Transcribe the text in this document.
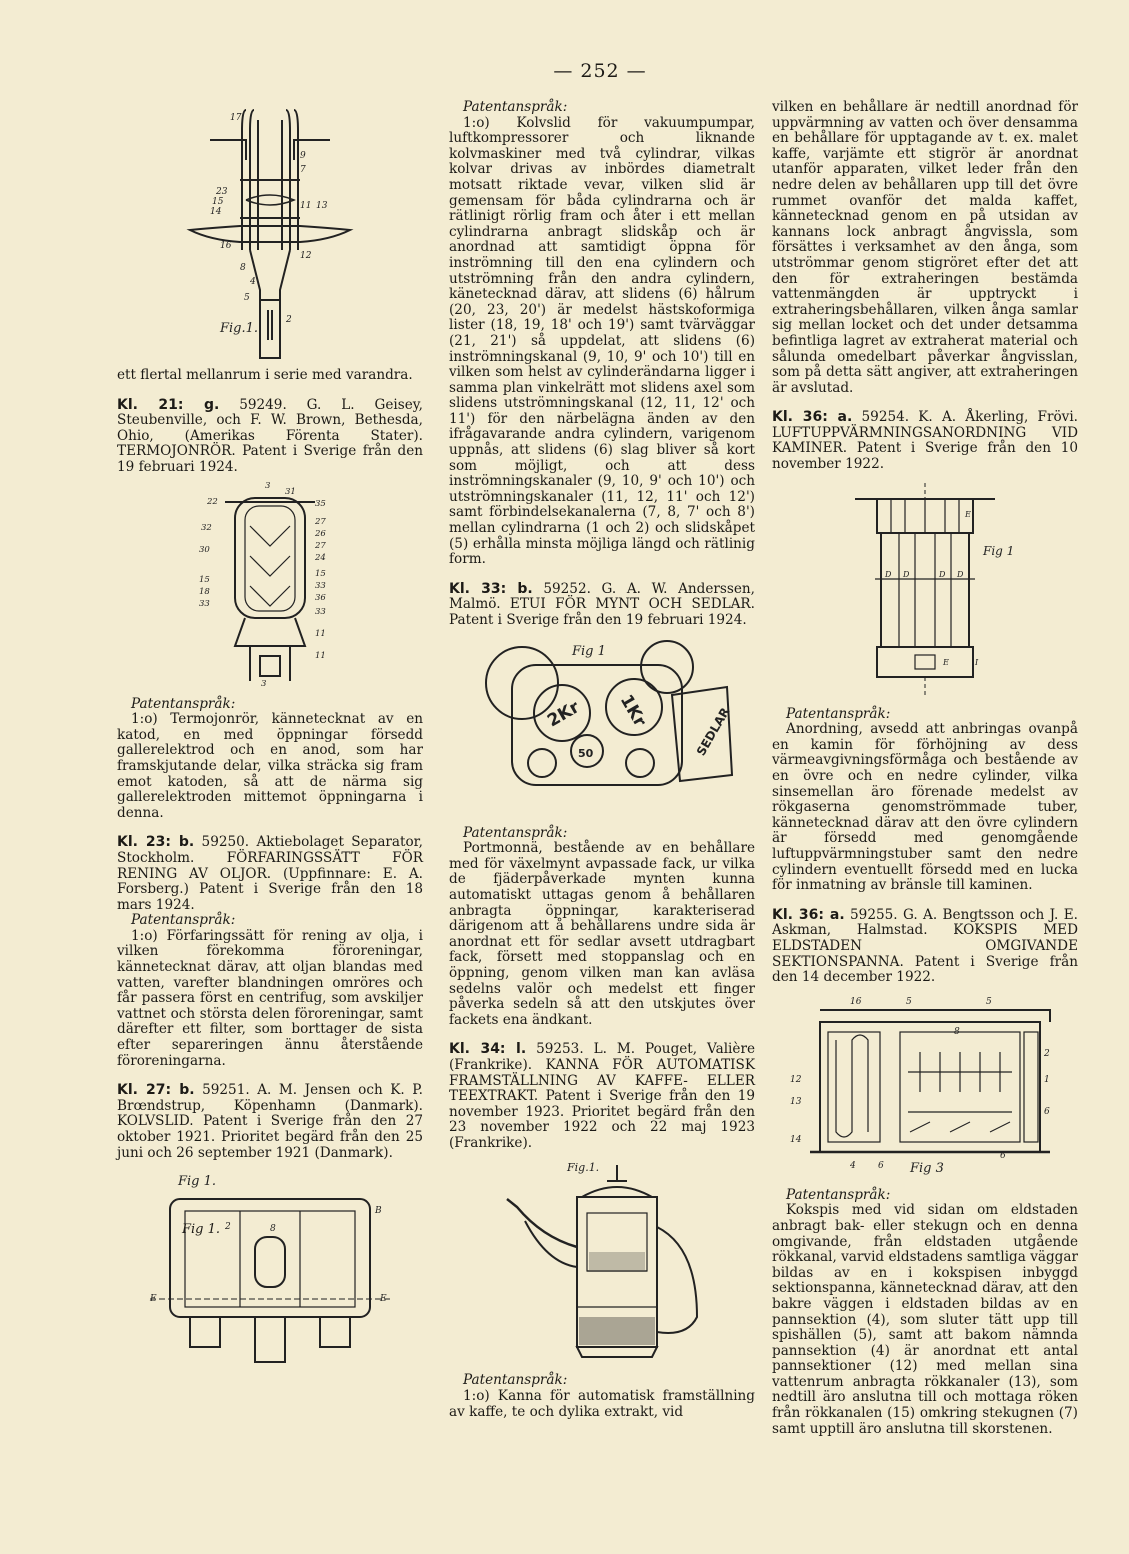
— 252 —
17
9
7
23
15
14
11 13
16
12
8
4
5
2
Fig.1.

ett flertal mellanrum i serie med varandra.

Kl. 21: g. 59249. G. L. Geisey, Steubenville, och F. W. Brown, Bethesda, Ohio, (Amerikas Förenta Stater). TERMOJONRÖR. Patent i Sverige från den 19 februari 1924.

3
31
35
22
32
30
27
26
27
24
15
33
36
33
15
18
33
11
11
3

Patentanspråk:

1:o) Termojonrör, kännetecknat av en katod, en med öppningar försedd gallerelektrod och en anod, som har framskjutande delar, vilka sträcka sig fram emot katoden, så att de närma sig gallerelektroden mittemot öppningarna i denna.

Kl. 23: b. 59250. Aktiebolaget Separator, Stockholm. FÖRFARINGSSÄTT FÖR RENING AV OLJOR. (Uppfinnare: E. A. Forsberg.) Patent i Sverige från den 18 mars 1924.

Patentanspråk:

1:o) Förfaringssätt för rening av olja, i vilken förekomma föroreningar, kännetecknat därav, att oljan blandas med vatten, varefter blandningen omröres och får passera först en centrifug, som avskiljer vattnet och största delen föroreningar, samt därefter ett filter, som borttager de sista efter separeringen ännu återstående föroreningarna.

Kl. 27: b. 59251. A. M. Jensen och K. P. Brœndstrup, Köpenhamn (Danmark). KOLVSLID. Patent i Sverige från den 27 oktober 1921. Prioritet begärd från den 25 juni och 26 september 1921 (Danmark).

Fig 1.
B
E	E
2	8

Patentanspråk:

1:o) Kolvslid för vakuumpumpar, luftkompressorer och liknande kolvmaskiner med två cylindrar, vilkas kolvar drivas av inbördes diametralt motsatt riktade vevar, vilken slid är gemensam för båda cylindrarna och är rätlinigt rörlig fram och åter i ett mellan cylindrarna anbragt slidskåp och är anordnad att samtidigt öppna för inströmning till den ena cylindern och utströmning från den andra cylindern, känetecknad därav, att slidens (6) hålrum (20, 23, 20') är medelst hästskoformiga lister (18, 19, 18' och 19') samt tvärväggar (21, 21') så uppdelat, att slidens (6) inströmningskanal (9, 10, 9' och 10') till en vilken som helst av cylinderändarna ligger i samma plan vinkelrätt mot slidens axel som slidens utströmningskanal (12, 11, 12' och 11') för den närbelägna änden av den ifrågavarande andra cylindern, varigenom uppnås, att slidens (6) slag bliver så kort som möjligt, och att dess inströmningskanaler (9, 10, 9' och 10') och utströmningskanaler (11, 12, 11' och 12') samt förbindelsekanalerna (7, 8, 7' och 8') mellan cylindrarna (1 och 2) och slidskåpet (5) erhålla minsta möjliga längd och rätlinig form.

Kl. 33: b. 59252. G. A. W. Anderssen, Malmö. ETUI FÖR MYNT OCH SEDLAR. Patent i Sverige från den 19 februari 1924.

2Kr 1Kr
50	SEDLAR
Fig 1

Patentanspråk:

Portmonnä, bestående av en behållare med för växelmynt avpassade fack, ur vilka de fjäderpåverkade mynten kunna automatiskt uttagas genom å behållaren anbragta öppningar, karakteriserad därigenom att å behållarens undre sida är anordnat ett för sedlar avsett utdragbart fack, försett med stoppanslag och en öppning, genom vilken man kan avläsa sedelns valör och medelst ett finger påverka sedeln så att den utskjutes över fackets ena ändkant.

Kl. 34: l. 59253. L. M. Pouget, Valière (Frankrike). KANNA FÖR AUTOMATISK FRAMSTÄLLNING AV KAFFE- ELLER TEEXTRAKT. Patent i Sverige från den 19 november 1923. Prioritet begärd från den 23 november 1922 och 22 maj 1923 (Frankrike).

Fig.1.

Patentanspråk:

1:o) Kanna för automatisk framställning av kaffe, te och dylika extrakt, vid

vilken en behållare är nedtill anordnad för uppvärmning av vatten och över densamma en behållare för upptagande av t. ex. malet kaffe, varjämte ett stigrör är anordnat utanför apparaten, vilket leder från den nedre delen av behållaren upp till det övre rummet ovanför det malda kaffet, kännetecknad genom en på utsidan av kannans lock anbragt ångvissla, som försättes i verksamhet av den ånga, som utströmmar genom stigröret efter det att den för extraheringen bestämda vattenmängden är upptryckt i extraheringsbehållaren, vilken ånga samlar sig mellan locket och det under detsamma befintliga lagret av extraherat material och sålunda omedelbart påverkar ångvisslan, som på detta sätt angiver, att extraheringen är avslutad.

Kl. 36: a. 59254. K. A. Åkerling, Frövi. LUFTUPPVÄRMNINGSANORDNING VID KAMINER. Patent i Sverige från den 10 november 1922.

D D	D D
E	I
E
Fig 1

Patentanspråk:

Anordning, avsedd att anbringas ovanpå en kamin för förhöjning av dess värmeavgivningsförmåga och bestående av en övre och en nedre cylinder, vilka sinsemellan äro förenade medelst av rökgaserna genomströmmade tuber, kännetecknad därav att den övre cylindern är försedd med genomgående luftuppvärmningstuber samt den nedre cylindern eventuellt försedd med en lucka för inmatning av bränsle till kaminen.

Kl. 36: a. 59255. G. A. Bengtsson och J. E. Askman, Halmstad. KOKSPIS MED ELDSTADEN OMGIVANDE SEKTIONSPANNA. Patent i Sverige från den 14 december 1922.

16	5	5
8
2
1
6
12
13
14
4 6
6
Fig 3

Patentanspråk:

Kokspis med vid sidan om eldstaden anbragt bak- eller stekugn och en denna omgivande, från eldstaden utgående rökkanal, varvid eldstadens samtliga väggar bildas av en i kokspisen inbyggd sektionspanna, kännetecknad därav, att den bakre väggen i eldstaden bildas av en pannsektion (4), som sluter tätt upp till spishällen (5), samt att bakom nämnda pannsektion (4) är anordnat ett antal pannsektioner (12) med mellan sina vattenrum anbragta rökkanaler (13), som nedtill äro anslutna till och mottaga röken från rökkanalen (15) omkring stekugnen (7) samt upptill äro anslutna till skorstenen.

Fig 1.
